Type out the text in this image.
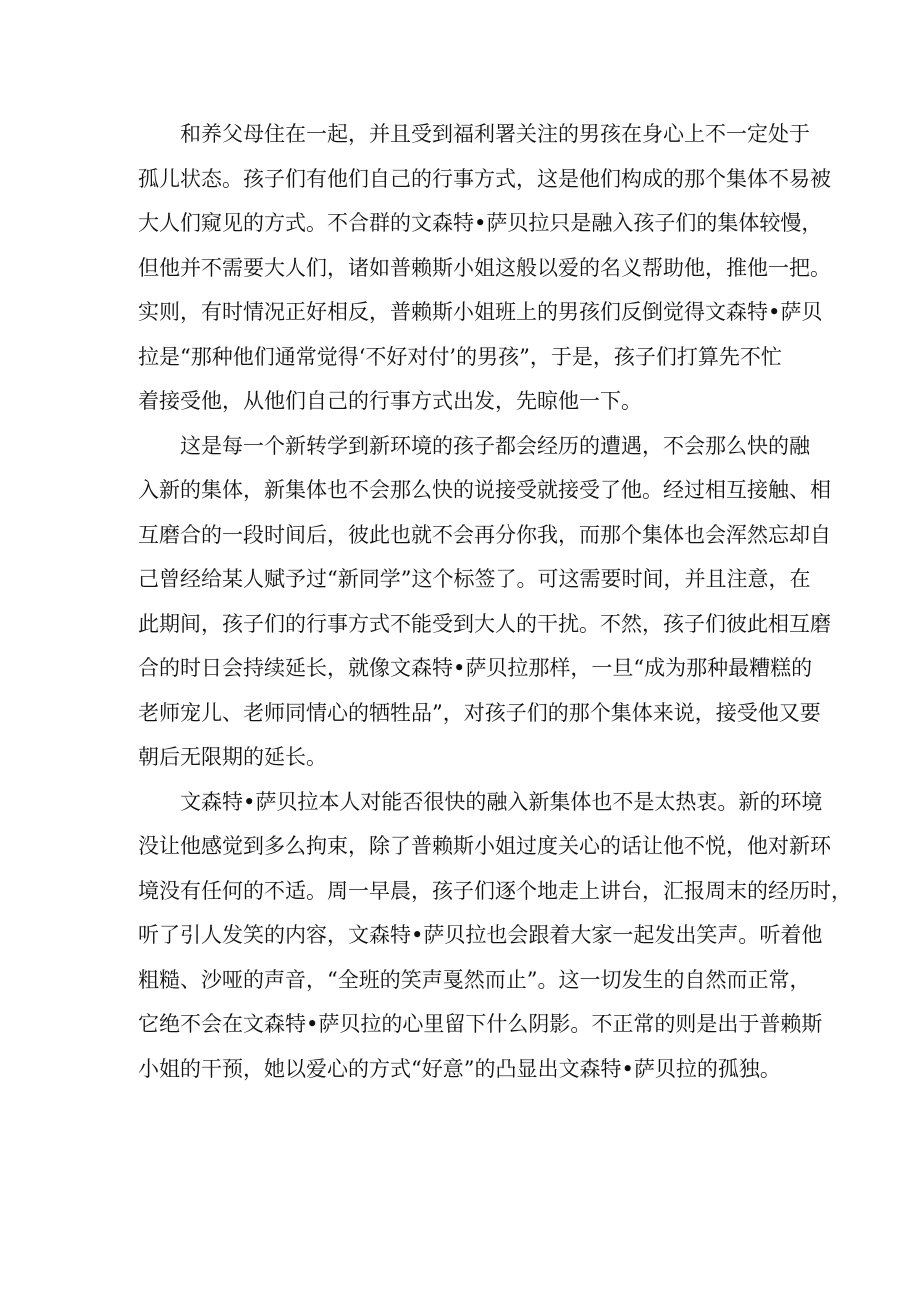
和养父母住在一起，并且受到福利署关注的男孩在身心上不一定处于
孤儿状态。孩子们有他们自己的行事方式，这是他们构成的那个集体不易被
大人们窥见的方式。不合群的文森特•萨贝拉只是融入孩子们的集体较慢，
但他并不需要大人们，诸如普赖斯小姐这般以爱的名义帮助他，推他一把。
实则，有时情况正好相反，普赖斯小姐班上的男孩们反倒觉得文森特•萨贝
拉是“那种他们通常觉得‘不好对付’的男孩”，于是，孩子们打算先不忙
着接受他，从他们自己的行事方式出发，先晾他一下。
这是每一个新转学到新环境的孩子都会经历的遭遇，不会那么快的融
入新的集体，新集体也不会那么快的说接受就接受了他。经过相互接触、相
互磨合的一段时间后，彼此也就不会再分你我，而那个集体也会浑然忘却自
己曾经给某人赋予过“新同学”这个标签了。可这需要时间，并且注意，在
此期间，孩子们的行事方式不能受到大人的干扰。不然，孩子们彼此相互磨
合的时日会持续延长，就像文森特•萨贝拉那样，一旦“成为那种最糟糕的
老师宠儿、老师同情心的牺牲品”，对孩子们的那个集体来说，接受他又要
朝后无限期的延长。
文森特•萨贝拉本人对能否很快的融入新集体也不是太热衷。新的环境
没让他感觉到多么拘束，除了普赖斯小姐过度关心的话让他不悦，他对新环
境没有任何的不适。周一早晨，孩子们逐个地走上讲台，汇报周末的经历时，
听了引人发笑的内容，文森特•萨贝拉也会跟着大家一起发出笑声。听着他
粗糙、沙哑的声音，“全班的笑声戛然而止”。这一切发生的自然而正常，
它绝不会在文森特•萨贝拉的心里留下什么阴影。不正常的则是出于普赖斯
小姐的干预，她以爱心的方式“好意”的凸显出文森特•萨贝拉的孤独。
